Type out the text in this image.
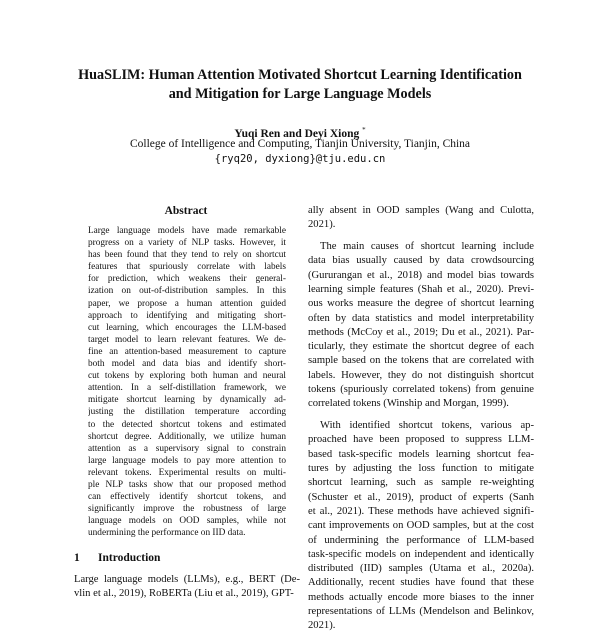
HuaSLIM: Human Attention Motivated Shortcut Learning Identification
and Mitigation for Large Language Models
Yuqi Ren and Deyi Xiong *
College of Intelligence and Computing, Tianjin University, Tianjin, China
{ryq20, dyxiong}@tju.edu.cn
Abstract
Large language models have made remarkable
progress on a variety of NLP tasks. However, it
has been found that they tend to rely on shortcut
features that spuriously correlate with labels
for prediction, which weakens their general-
ization on out-of-distribution samples. In this
paper, we propose a human attention guided
approach to identifying and mitigating short-
cut learning, which encourages the LLM-based
target model to learn relevant features. We de-
fine an attention-based measurement to capture
both model and data bias and identify short-
cut tokens by exploring both human and neural
attention. In a self-distillation framework, we
mitigate shortcut learning by dynamically ad-
justing the distillation temperature according
to the detected shortcut tokens and estimated
shortcut degree. Additionally, we utilize human
attention as a supervisory signal to constrain
large language models to pay more attention to
relevant tokens. Experimental results on multi-
ple NLP tasks show that our proposed method
can effectively identify shortcut tokens, and
significantly improve the robustness of large
language models on OOD samples, while not
undermining the performance on IID data.
1 Introduction
Large language models (LLMs), e.g., BERT (De-
vlin et al., 2019), RoBERTa (Liu et al., 2019), GPT-
ally absent in OOD samples (Wang and Culotta,
2021).
The main causes of shortcut learning include
data bias usually caused by data crowdsourcing
(Gururangan et al., 2018) and model bias towards
learning simple features (Shah et al., 2020). Previ-
ous works measure the degree of shortcut learning
often by data statistics and model interpretability
methods (McCoy et al., 2019; Du et al., 2021). Par-
ticularly, they estimate the shortcut degree of each
sample based on the tokens that are correlated with
labels. However, they do not distinguish shortcut
tokens (spuriously correlated tokens) from genuine
correlated tokens (Winship and Morgan, 1999).
With identified shortcut tokens, various ap-
proached have been proposed to suppress LLM-
based task-specific models learning shortcut fea-
tures by adjusting the loss function to mitigate
shortcut learning, such as sample re-weighting
(Schuster et al., 2019), product of experts (Sanh
et al., 2021). These methods have achieved signifi-
cant improvements on OOD samples, but at the cost
of undermining the performance of LLM-based
task-specific models on independent and identically
distributed (IID) samples (Utama et al., 2020a).
Additionally, recent studies have found that these
methods actually encode more biases to the inner
representations of LLMs (Mendelson and Belinkov,
2021).
